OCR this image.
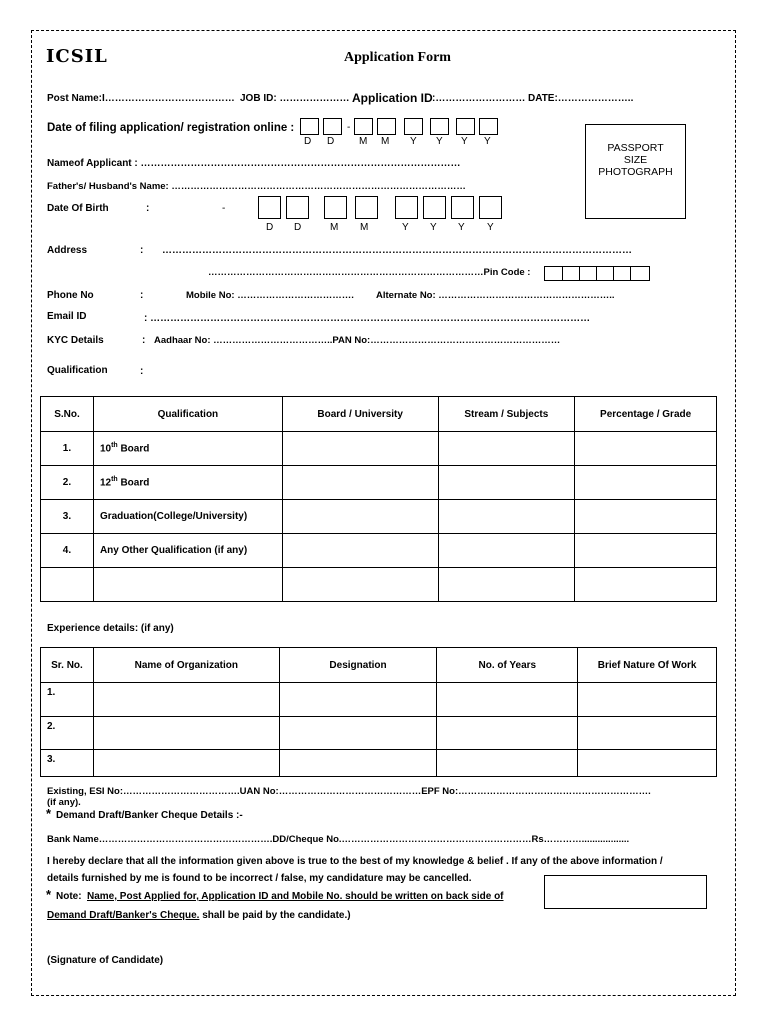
ICSIL	Application Form
Post Name:I………………………………… JOB ID: ………………… Application ID :……………………… DATE:…………………..
Date of filing application/ registration online :	-
D D M M Y Y Y Y
PASSPORT
SIZE
PHOTOGRAPH
Nameof Applicant : ……………………………………………………………………………………
Father's/ Husband's Name: …………………………………………………………………………………
Date Of Birth	:	-
D D	M M	Y Y Y Y
Address	: ……………………………………………………………………………………………………………………………
……………………………………………………………………………Pin Code :
Phone No	:	Mobile No: ………………………………. Alternate No: ………………………………………………..
Email ID	: ……………………………………………………………………………………………………………………
KYC Details	: Aadhaar No: ………………………………..PAN No:……………………………………………………
Qualification	:
S.No.	Qualification	Board / University	Stream / Subjects	Percentage / Grade
1.	10th Board			
2.	12th Board			
3.	Graduation(College/University)			
4.	Any Other Qualification (if any)			

Experience details: (if any)
Sr. No.	Name of Organization	Designation	No. of Years	Brief Nature Of Work
1.				
2.				
3.				
Existing, ESI No:……………………………….UAN No:………………………………………EPF No:…………………………………………………….
(if any).
* Demand Draft/Banker Cheque Details :-
Bank Name……………………………………………….DD/Cheque No.……………………………………………………Rs…………..................
I hereby declare that all the information given above is true to the best of my knowledge & belief . If any of the above information /
details furnished by me is found to be incorrect / false, my candidature may be cancelled.
* Note: Name, Post Applied for, Application ID and Mobile No. should be written on back side of
Demand Draft/Banker's Cheque. shall be paid by the candidate.)
(Signature of Candidate)
